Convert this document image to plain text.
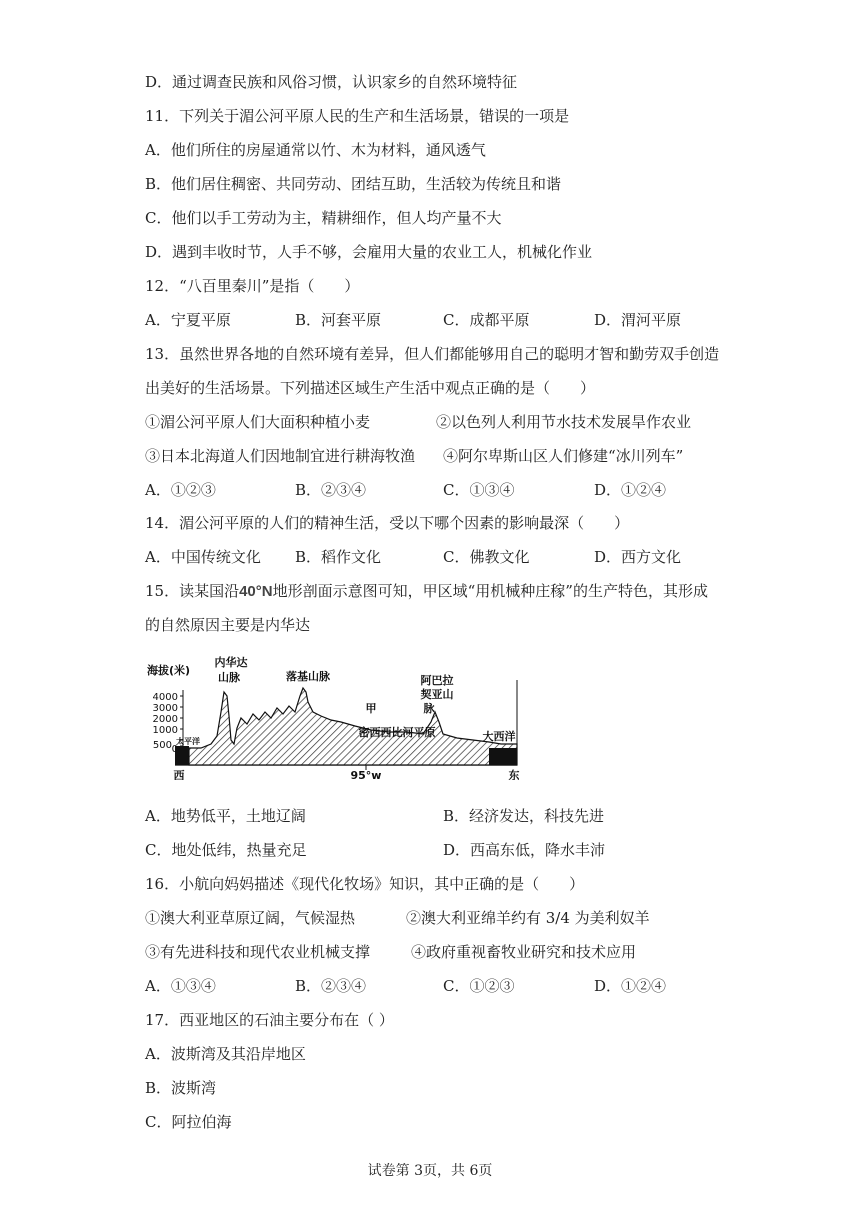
D．通过调查民族和风俗习惯，认识家乡的自然环境特征
11．下列关于湄公河平原人民的生产和生活场景，错误的一项是
A．他们所住的房屋通常以竹、木为材料，通风透气
B．他们居住稠密、共同劳动、团结互助，生活较为传统且和谐
C．他们以手工劳动为主，精耕细作，但人均产量不大
D．遇到丰收时节，人手不够，会雇用大量的农业工人，机械化作业
12．“八百里秦川”是指（　　）
A．宁夏平原	B．河套平原	C．成都平原	D．渭河平原
13．虽然世界各地的自然环境有差异，但人们都能够用自己的聪明才智和勤劳双手创造
出美好的生活场景。下列描述区域生产生活中观点正确的是（　　）
①湄公河平原人们大面积种植小麦	②以色列人利用节水技术发展旱作农业
③日本北海道人们因地制宜进行耕海牧渔 ④阿尔卑斯山区人们修建“冰川列车”
A．①②③	B．②③④	C．①③④	D．①②④
14．湄公河平原的人们的精神生活，受以下哪个因素的影响最深（　　）
A．中国传统文化 B．稻作文化	C．佛教文化	D．西方文化
15．读某国沿40°N地形剖面示意图可知，甲区域“用机械种庄稼”的生产特色，其形成
的自然原因主要是内华达
海拔(米)
4000
3000
2000
1000
500 0
内华达
山脉	落基山脉	阿巴拉
契亚山
脉
甲
密西西比河平原
太平洋	大西洋
西	东
95°w
A．地势低平，土地辽阔	B．经济发达，科技先进
C．地处低纬，热量充足	D．西高东低，降水丰沛
16．小航向妈妈描述《现代化牧场》知识，其中正确的是（　　）
①澳大利亚草原辽阔，气候湿热	②澳大利亚绵羊约有 3/4 为美利奴羊
③有先进科技和现代农业机械支撑	④政府重视畜牧业研究和技术应用
A．①③④	B．②③④	C．①②③	D．①②④
17．西亚地区的石油主要分布在（ ）
A．波斯湾及其沿岸地区
B．波斯湾
C．阿拉伯海
试卷第 3页，共 6页
